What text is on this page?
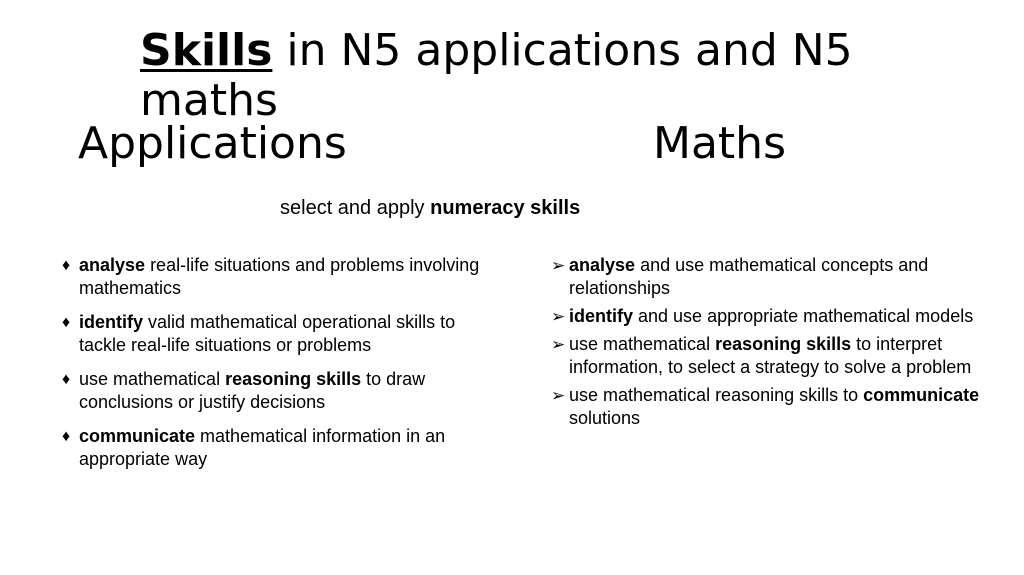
Skills in N5 applications and N5 maths
Applications	Maths
select and apply numeracy skills
♦ analyse real-life situations and problems involving mathematics
♦ identify valid mathematical operational skills to tackle real-life situations or problems
♦ use mathematical reasoning skills to draw conclusions or justify decisions
♦ communicate mathematical information in an appropriate way
➢ analyse and use mathematical concepts and relationships
➢ identify and use appropriate mathematical models
➢ use mathematical reasoning skills to interpret information, to select a strategy to solve a problem
➢ use mathematical reasoning skills to communicate solutions
